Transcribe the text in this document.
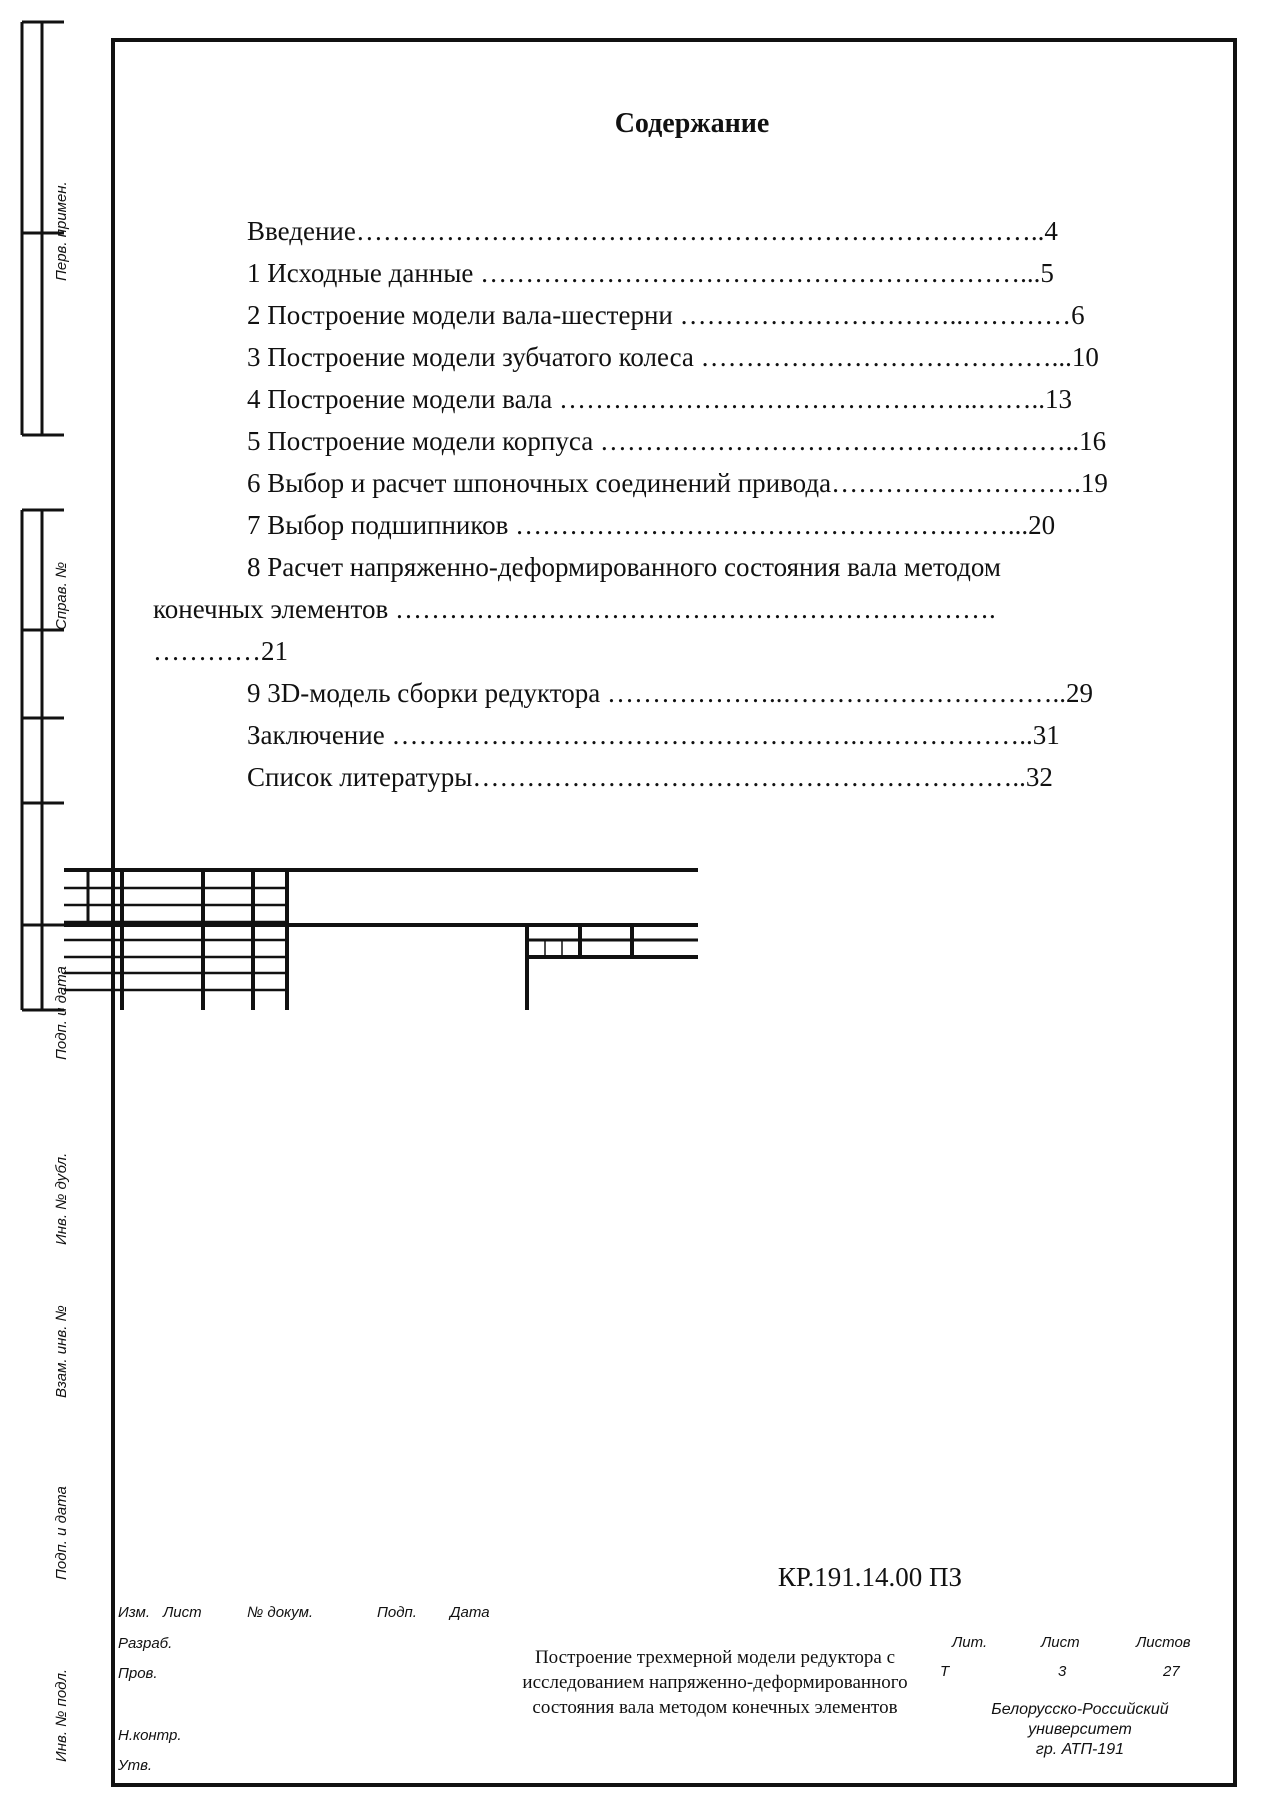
Перв. примен.
Справ. №
Подп. и дата
Инв. № дубл.
Взам. инв. №
Подп. и дата
Инв. № подл.
Содержание
Введение…………………………………………………………………..4
1 Исходные данные ……………………………………………………...5
2 Построение модели вала-шестерни …………………………..…………6
3 Построение модели зубчатого колеса …………………………………...10
4 Построение модели вала ………………………………………..……..13
5 Построение модели корпуса …………………………………….………..16
6 Выбор и расчет шпоночных соединений привода……………………….19
7 Выбор подшипников ………………………………………….……...20
8 Расчет напряженно-деформированного состояния вала методом
конечных элементов ………………………………………………………….
…………21
9 3D-модель сборки редуктора ………………..…………………………..29
Заключение …………………………………………….………………..31
Список литературы……………………………………………………..32
КР.191.14.00 ПЗ
Изм. Лист	№ докум.	Подп. Дата
Разраб.
Пров.
Н.контр.
Утв.
Построение трехмерной модели редуктора с исследованием напряженно-деформированного состояния вала методом конечных элементов
Лит.	Лист	Листов
Т	3	27
Белорусско-Российский университет
гр. АТП-191
